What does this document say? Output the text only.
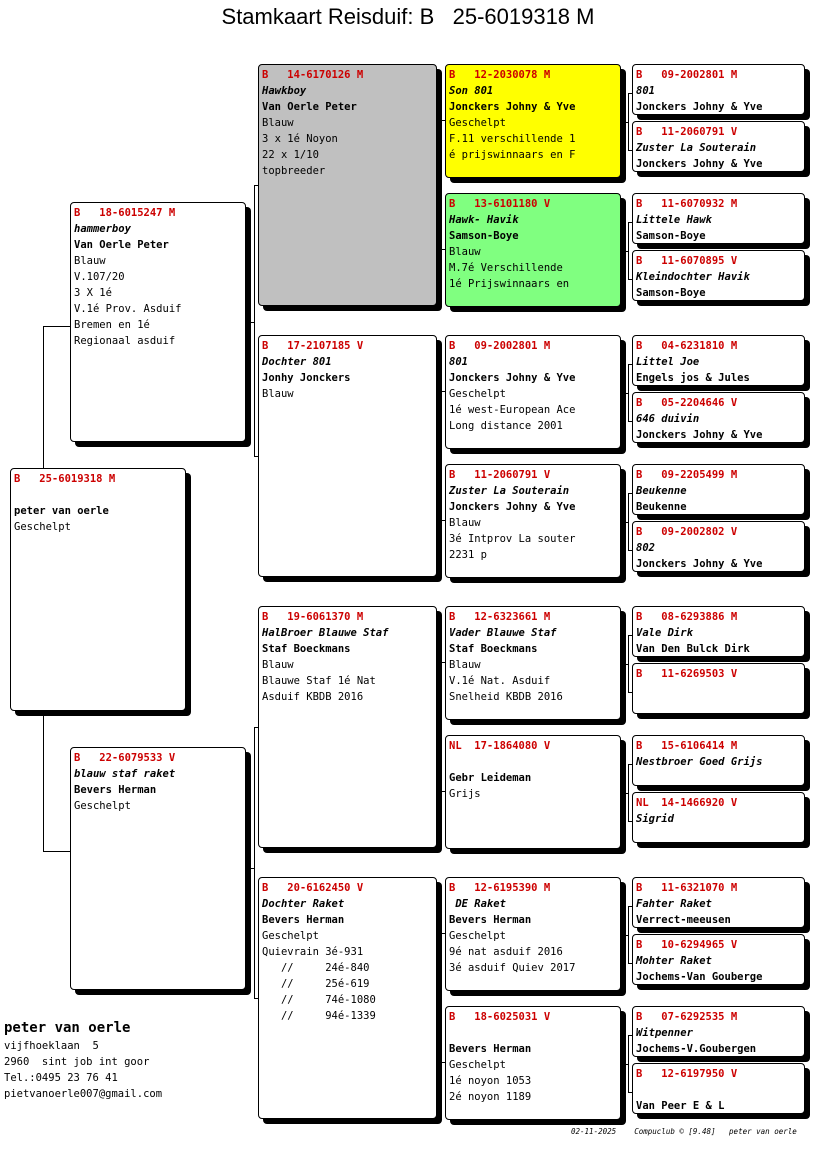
Stamkaart Reisduif: B   25-6019318 M
B   25-6019318 M
peter van oerle
Geschelpt
B   18-6015247 M
hammerboy
Van Oerle Peter
Blauw
V.107/20
3 X 1é
V.1é Prov. Asduif
Bremen en 1é
Regionaal asduif
B   22-6079533 V
blauw staf raket
Bevers Herman
Geschelpt
B   14-6170126 M
Hawkboy
Van Oerle Peter
Blauw
3 x 1é Noyon
22 x 1/10
topbreeder
B   17-2107185 V
Dochter 801
Jonhy Jonckers
Blauw
B   19-6061370 M
HalBroer Blauwe Staf
Staf Boeckmans
Blauw
Blauwe Staf 1é Nat
Asduif KBDB 2016
B   20-6162450 V
Dochter Raket
Bevers Herman
Geschelpt
Quievrain 3é-931
//     24é-840
//     25é-619
//     74é-1080
//     94é-1339
B   12-2030078 M
Son 801
Jonckers Johny & Yve
Geschelpt
F.11 verschillende 1
é prijswinnaars en F
B   13-6101180 V
Hawk- Havik
Samson-Boye
Blauw
M.7é Verschillende
1é Prijswinnaars en
B   09-2002801 M
801
Jonckers Johny & Yve
Geschelpt
1é west-European Ace
Long distance 2001
B   11-2060791 V
Zuster La Souterain
Jonckers Johny & Yve
Blauw
3é Intprov La souter
2231 p
B   12-6323661 M
Vader Blauwe Staf
Staf Boeckmans
Blauw
V.1é Nat. Asduif
Snelheid KBDB 2016
NL  17-1864080 V
Gebr Leideman
Grijs
B   12-6195390 M
DE Raket
Bevers Herman
Geschelpt
9é nat asduif 2016
3é asduif Quiev 2017
B   18-6025031 V
Bevers Herman
Geschelpt
1é noyon 1053
2é noyon 1189
B   09-2002801 M
801
Jonckers Johny & Yve
B   11-2060791 V
Zuster La Souterain
Jonckers Johny & Yve
B   11-6070932 M
Littele Hawk
Samson-Boye
B   11-6070895 V
Kleindochter Havik
Samson-Boye
B   04-6231810 M
Littel Joe
Engels jos & Jules
B   05-2204646 V
646 duivin
Jonckers Johny & Yve
B   09-2205499 M
Beukenne
Beukenne
B   09-2002802 V
802
Jonckers Johny & Yve
B   08-6293886 M
Vale Dirk
Van Den Bulck Dirk
B   11-6269503 V
B   15-6106414 M
Nestbroer Goed Grijs
NL  14-1466920 V
Sigrid
B   11-6321070 M
Fahter Raket
Verrect-meeusen
B   10-6294965 V
Mohter Raket
Jochems-Van Gouberge
B   07-6292535 M
Witpenner
Jochems-V.Goubergen
B   12-6197950 V
Van Peer E & L
peter van oerle
vijfhoeklaan  5
2960  sint job int goor
Tel.:0495 23 76 41
pietvanoerle007@gmail.com
02-11-2025    Compuclub © [9.48]   peter van oerle
